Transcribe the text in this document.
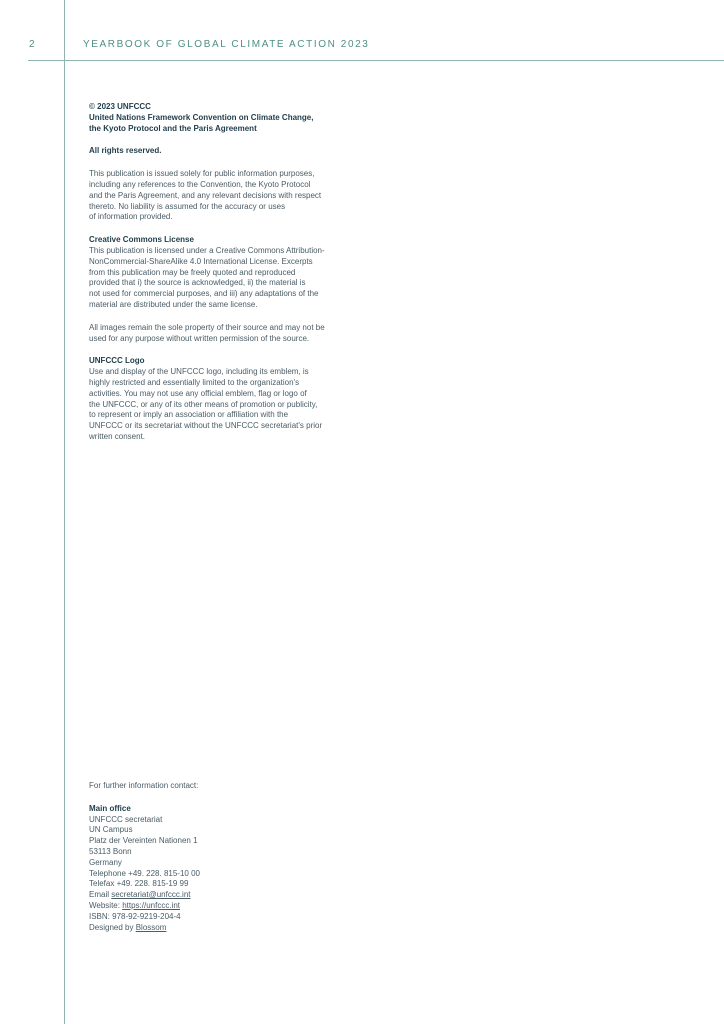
2	YEARBOOK OF GLOBAL CLIMATE ACTION 2023
© 2023 UNFCCC
United Nations Framework Convention on Climate Change,
the Kyoto Protocol and the Paris Agreement
All rights reserved.

This publication is issued solely for public information purposes,
including any references to the Convention, the Kyoto Protocol
and the Paris Agreement, and any relevant decisions with respect
thereto. No liability is assumed for the accuracy or uses
of information provided.

Creative Commons License

This publication is licensed under a Creative Commons Attribution-
NonCommercial-ShareAlike 4.0 International License. Excerpts
from this publication may be freely quoted and reproduced
provided that i) the source is acknowledged, ii) the material is
not used for commercial purposes, and iii) any adaptations of the
material are distributed under the same license.

All images remain the sole property of their source and may not be
used for any purpose without written permission of the source.

UNFCCC Logo

Use and display of the UNFCCC logo, including its emblem, is
highly restricted and essentially limited to the organization's
activities. You may not use any official emblem, flag or logo of
the UNFCCC, or any of its other means of promotion or publicity,
to represent or imply an association or affiliation with the
UNFCCC or its secretariat without the UNFCCC secretariat's prior
written consent.

For further information contact:
Main office
UNFCCC secretariat
UN Campus
Platz der Vereinten Nationen 1
53113 Bonn
Germany
Telephone +49. 228. 815-10 00
Telefax +49. 228. 815-19 99
Email secretariat@unfccc.int
Website: https://unfccc.int
ISBN: 978-92-9219-204-4
Designed by Blossom
